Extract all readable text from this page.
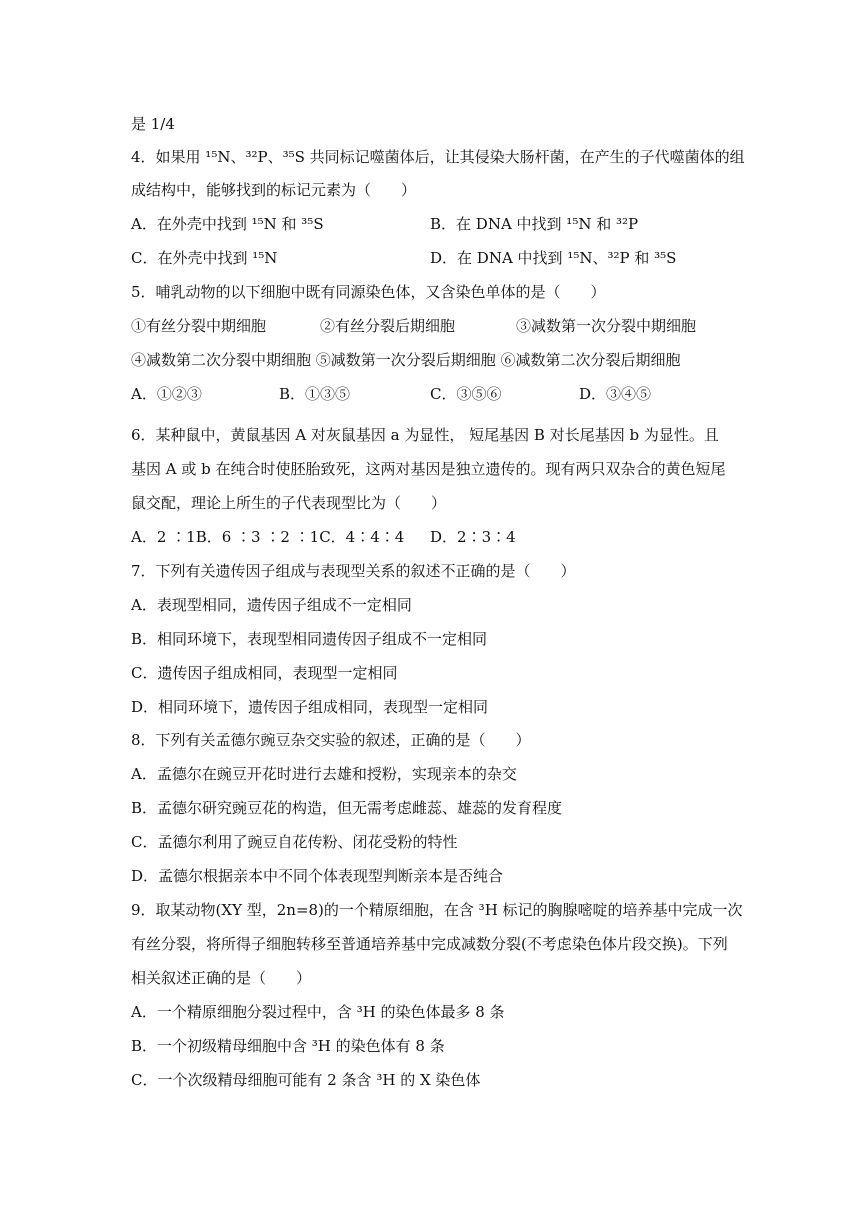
是 1/4
4．如果用 ¹⁵N、³²P、³⁵S 共同标记噬菌体后，让其侵染大肠杆菌，在产生的子代噬菌体的组
成结构中，能够找到的标记元素为（　　）
A．在外壳中找到 ¹⁵N 和 ³⁵S	B．在 DNA 中找到 ¹⁵N 和 ³²P
C．在外壳中找到 ¹⁵N	D．在 DNA 中找到 ¹⁵N、³²P 和 ³⁵S
5．哺乳动物的以下细胞中既有同源染色体，又含染色单体的是（　　）
①有丝分裂中期细胞	②有丝分裂后期细胞	③减数第一次分裂中期细胞
④减数第二次分裂中期细胞 ⑤减数第一次分裂后期细胞 ⑥减数第二次分裂后期细胞
A．①②③	B．①③⑤	C．③⑤⑥	D．③④⑤
6．某种鼠中，黄鼠基因 A 对灰鼠基因 a 为显性， 短尾基因 B 对长尾基因 b 为显性。且
基因 A 或 b 在纯合时使胚胎致死，这两对基因是独立遗传的。现有两只双杂合的黄色短尾
鼠交配，理论上所生的子代表现型比为（　　）
A．2 ∶1B．6 ∶3 ∶2 ∶1C．4∶4∶4 D．2∶3∶4
7．下列有关遗传因子组成与表现型关系的叙述不正确的是（　　）
A．表现型相同，遗传因子组成不一定相同
B．相同环境下，表现型相同遗传因子组成不一定相同
C．遗传因子组成相同，表现型一定相同
D．相同环境下，遗传因子组成相同，表现型一定相同
8．下列有关孟德尔豌豆杂交实验的叙述，正确的是（　　）
A．孟德尔在豌豆开花时进行去雄和授粉，实现亲本的杂交
B．孟德尔研究豌豆花的构造，但无需考虑雌蕊、雄蕊的发育程度
C．孟德尔利用了豌豆自花传粉、闭花受粉的特性
D．孟德尔根据亲本中不同个体表现型判断亲本是否纯合
9．取某动物(XY 型，2n=8)的一个精原细胞，在含 ³H 标记的胸腺嘧啶的培养基中完成一次
有丝分裂，将所得子细胞转移至普通培养基中完成减数分裂(不考虑染色体片段交换)。下列
相关叙述正确的是（　　）
A．一个精原细胞分裂过程中，含 ³H 的染色体最多 8 条
B．一个初级精母细胞中含 ³H 的染色体有 8 条
C．一个次级精母细胞可能有 2 条含 ³H 的 X 染色体
